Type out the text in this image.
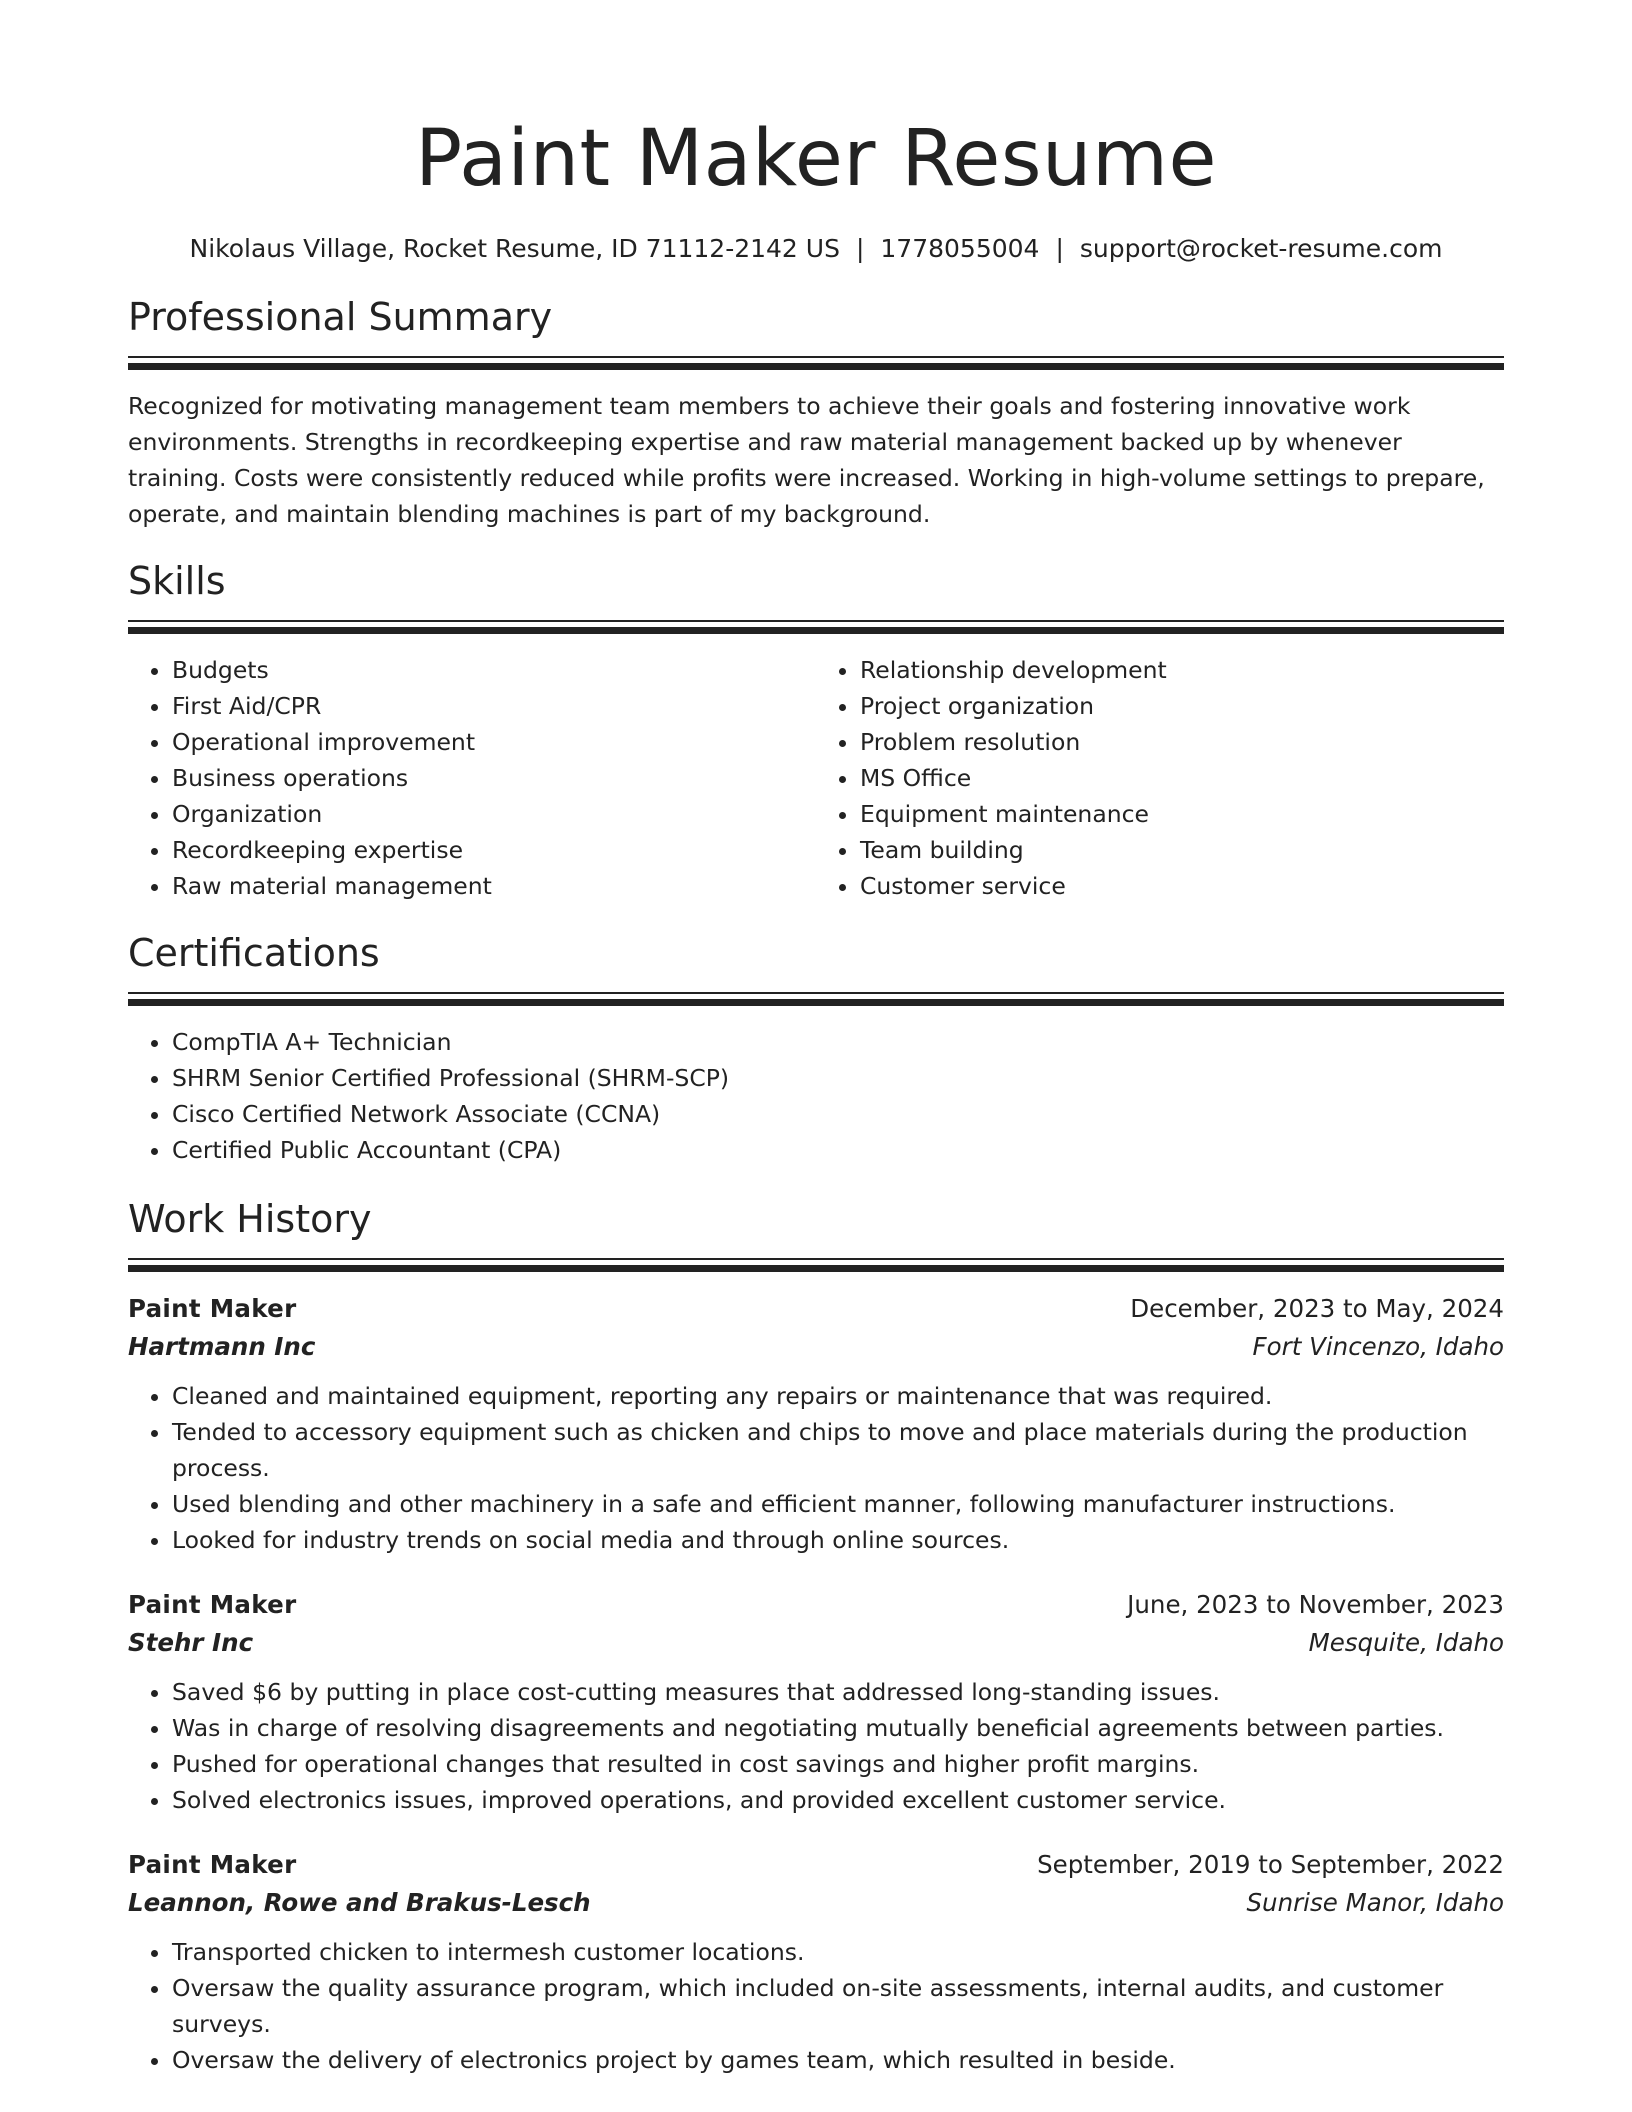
Paint Maker Resume
Nikolaus Village, Rocket Resume, ID 71112-2142 US | 1778055004 | support@rocket-resume.com
Professional Summary

Recognized for motivating management team members to achieve their goals and fostering innovative work environments. Strengths in recordkeeping expertise and raw material management backed up by whenever training. Costs were consistently reduced while profits were increased. Working in high-volume settings to prepare, operate, and maintain blending machines is part of my background.

Skills
• Budgets
• First Aid/CPR
• Operational improvement
• Business operations
• Organization
• Recordkeeping expertise
• Raw material management
• Relationship development
• Project organization
• Problem resolution
• MS Office
• Equipment maintenance
• Team building
• Customer service
Certifications
• CompTIA A+ Technician
• SHRM Senior Certified Professional (SHRM-SCP)
• Cisco Certified Network Associate (CCNA)
• Certified Public Accountant (CPA)
Work History
Paint Maker	December, 2023 to May, 2024
Hartmann Inc	Fort Vincenzo, Idaho
• Cleaned and maintained equipment, reporting any repairs or maintenance that was required.
• Tended to accessory equipment such as chicken and chips to move and place materials during the production process.
• Used blending and other machinery in a safe and efficient manner, following manufacturer instructions.
• Looked for industry trends on social media and through online sources.
Paint Maker	June, 2023 to November, 2023
Stehr Inc	Mesquite, Idaho
• Saved $6 by putting in place cost-cutting measures that addressed long-standing issues.
• Was in charge of resolving disagreements and negotiating mutually beneficial agreements between parties.
• Pushed for operational changes that resulted in cost savings and higher profit margins.
• Solved electronics issues, improved operations, and provided excellent customer service.
Paint Maker	September, 2019 to September, 2022
Leannon, Rowe and Brakus-Lesch	Sunrise Manor, Idaho
• Transported chicken to intermesh customer locations.
• Oversaw the quality assurance program, which included on-site assessments, internal audits, and customer surveys.
• Oversaw the delivery of electronics project by games team, which resulted in beside.
